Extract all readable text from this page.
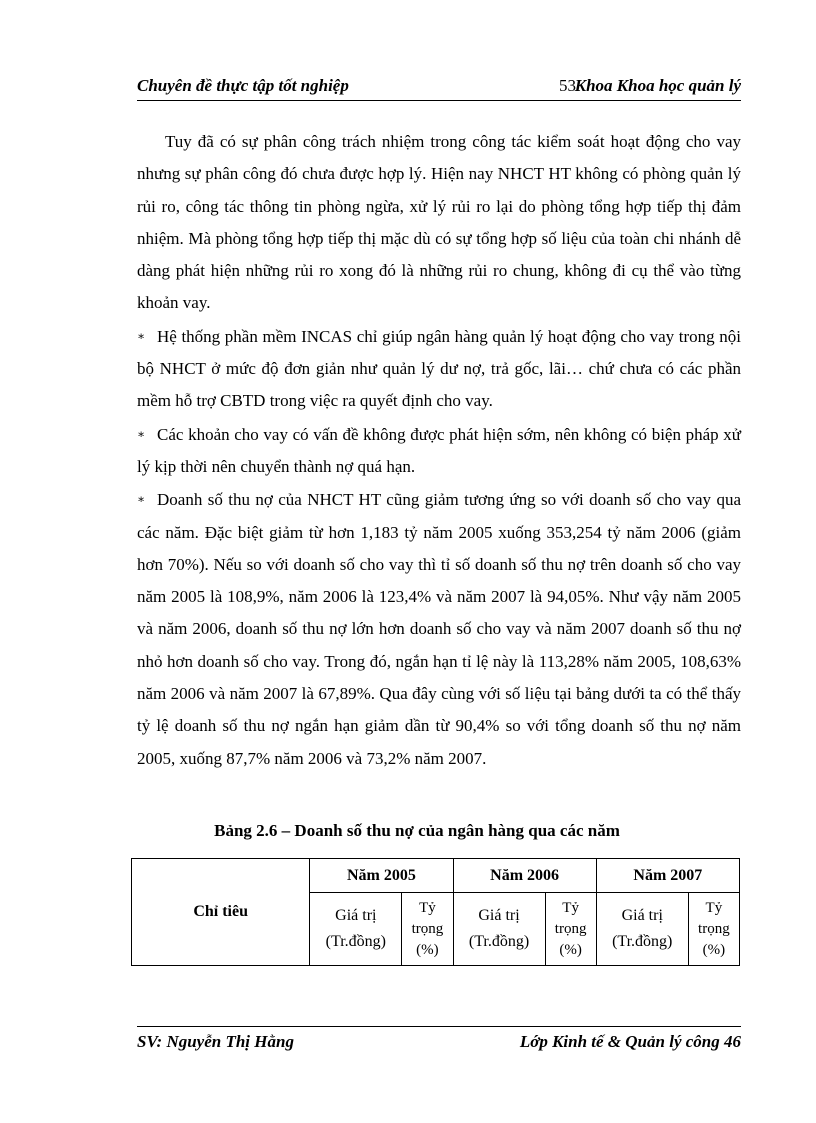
Chuyên đề thực tập tốt nghiệp	53
Khoa Khoa học quản lý

Tuy đã có sự phân công trách nhiệm trong công tác kiểm soát hoạt động cho vay nhưng sự phân công đó chưa được hợp lý. Hiện nay NHCT HT không có phòng quản lý rủi ro, công tác thông tin phòng ngừa, xử lý rủi ro lại do phòng tổng hợp tiếp thị đảm nhiệm. Mà phòng tổng hợp tiếp thị mặc dù có sự tổng hợp số liệu của toàn chi nhánh dễ dàng phát hiện những rủi ro xong đó là những rủi ro chung, không đi cụ thể vào từng khoản vay.

∗ Hệ thống phần mềm INCAS chỉ giúp ngân hàng quản lý hoạt động cho vay trong nội bộ NHCT ở mức độ đơn giản như quản lý dư nợ, trả gốc, lãi… chứ chưa có các phần mềm hỗ trợ CBTD trong việc ra quyết định cho vay.

∗ Các khoản cho vay có vấn đề không được phát hiện sớm, nên không có biện pháp xử lý kịp thời nên chuyển thành nợ quá hạn.

∗ Doanh số thu nợ của NHCT HT cũng giảm tương ứng so với doanh số cho vay qua các năm. Đặc biệt giảm từ hơn 1,183 tỷ năm 2005 xuống 353,254 tỷ năm 2006 (giảm hơn 70%). Nếu so với doanh số cho vay thì tỉ số doanh số thu nợ trên doanh số cho vay năm 2005 là 108,9%, năm 2006 là 123,4% và năm 2007 là 94,05%. Như vậy năm 2005 và năm 2006, doanh số thu nợ lớn hơn doanh số cho vay và năm 2007 doanh số thu nợ nhỏ hơn doanh số cho vay. Trong đó, ngắn hạn tỉ lệ này là 113,28% năm 2005, 108,63% năm 2006 và năm 2007 là 67,89%. Qua đây cùng với số liệu tại bảng dưới ta có thể thấy tỷ lệ doanh số thu nợ ngắn hạn giảm dần từ 90,4% so với tổng doanh số thu nợ năm 2005, xuống 87,7% năm 2006 và 73,2% năm 2007.

Bảng 2.6 – Doanh số thu nợ của ngân hàng qua các năm
Chỉ tiêu	Năm 2005		Năm 2006		Năm 2007	
	Giá trị (Tr.đồng)	Tỷ trọng (%)	Giá trị (Tr.đồng)	Tỷ trọng (%)	Giá trị (Tr.đồng)	Tỷ trọng (%)
SV: Nguyễn Thị Hằng	Lớp Kinh tế & Quản lý công 46
